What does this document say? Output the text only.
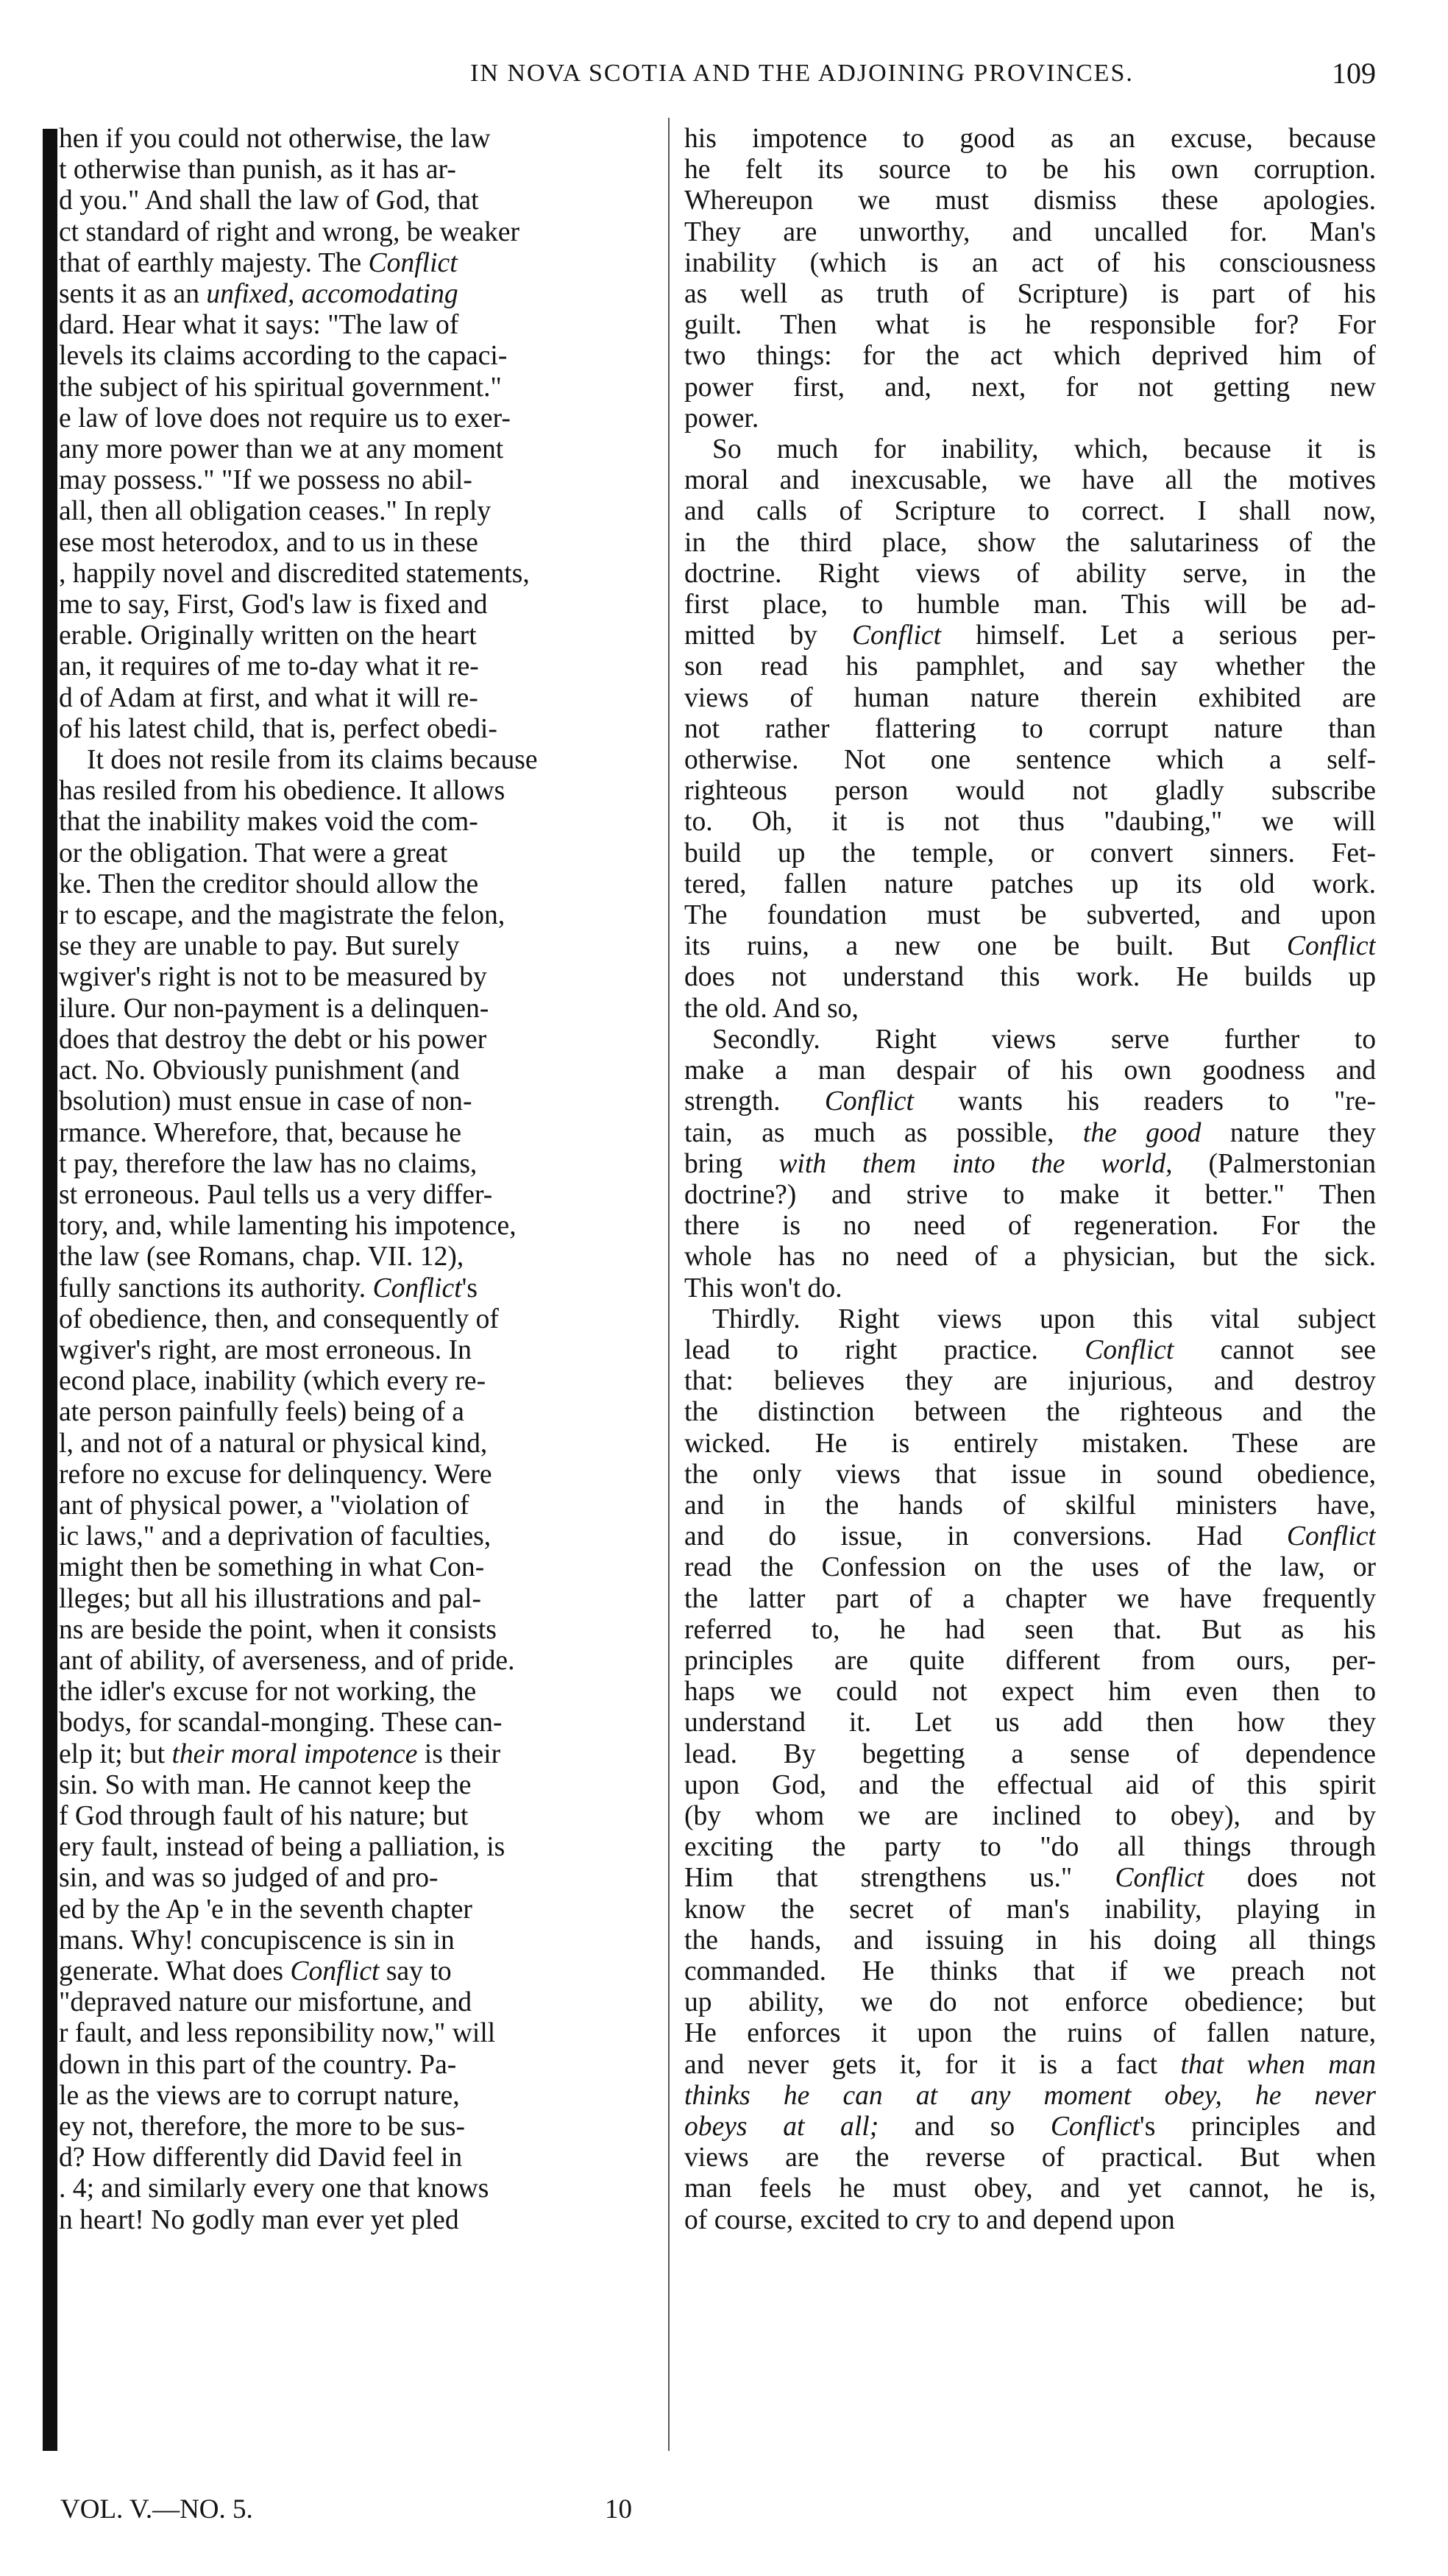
IN NOVA SCOTIA AND THE ADJOINING PROVINCES.	109
hen if you could not otherwise, the law
t otherwise than punish, as it has ar-
d you." And shall the law of God, that
ct standard of right and wrong, be weaker
that of earthly majesty. The Conflict
sents it as an unfixed, accomodating
dard. Hear what it says: "The law of
levels its claims according to the capaci-
the subject of his spiritual government."
e law of love does not require us to exer-
any more power than we at any moment
may possess." "If we possess no abil-
all, then all obligation ceases." In reply
ese most heterodox, and to us in these
, happily novel and discredited statements,
me to say, First, God's law is fixed and
erable. Originally written on the heart
an, it requires of me to-day what it re-
d of Adam at first, and what it will re-
of his latest child, that is, perfect obedi-
It does not resile from its claims because
has resiled from his obedience. It allows
that the inability makes void the com-
or the obligation. That were a great
ke. Then the creditor should allow the
r to escape, and the magistrate the felon,
se they are unable to pay. But surely
wgiver's right is not to be measured by
ilure. Our non-payment is a delinquen-
does that destroy the debt or his power
act. No. Obviously punishment (and
bsolution) must ensue in case of non-
rmance. Wherefore, that, because he
t pay, therefore the law has no claims,
st erroneous. Paul tells us a very differ-
tory, and, while lamenting his impotence,
the law (see Romans, chap. VII. 12),
fully sanctions its authority. Conflict's
of obedience, then, and consequently of
wgiver's right, are most erroneous. In
econd place, inability (which every re-
ate person painfully feels) being of a
l, and not of a natural or physical kind,
refore no excuse for delinquency. Were
ant of physical power, a "violation of
ic laws," and a deprivation of faculties,
might then be something in what Con-
lleges; but all his illustrations and pal-
ns are beside the point, when it consists
ant of ability, of averseness, and of pride.
the idler's excuse for not working, the
bodys, for scandal-monging. These can-
elp it; but their moral impotence is their
sin. So with man. He cannot keep the
f God through fault of his nature; but
ery fault, instead of being a palliation, is
sin, and was so judged of and pro-
ed by the Ap 'e in the seventh chapter
mans. Why! concupiscence is sin in
generate. What does Conflict say to
"depraved nature our misfortune, and
r fault, and less reponsibility now," will
down in this part of the country. Pa-
le as the views are to corrupt nature,
ey not, therefore, the more to be sus-
d? How differently did David feel in
. 4; and similarly every one that knows
n heart! No godly man ever yet pled
his impotence to good as an excuse, because
he felt its source to be his own corruption.
Whereupon we must dismiss these apologies.
They are unworthy, and uncalled for. Man's
inability (which is an act of his consciousness
as well as truth of Scripture) is part of his
guilt. Then what is he responsible for? For
two things: for the act which deprived him of
power first, and, next, for not getting new
power.
So much for inability, which, because it is
moral and inexcusable, we have all the motives
and calls of Scripture to correct. I shall now,
in the third place, show the salutariness of the
doctrine. Right views of ability serve, in the
first place, to humble man. This will be ad-
mitted by Conflict himself. Let a serious per-
son read his pamphlet, and say whether the
views of human nature therein exhibited are
not rather flattering to corrupt nature than
otherwise. Not one sentence which a self-
righteous person would not gladly subscribe
to. Oh, it is not thus "daubing," we will
build up the temple, or convert sinners. Fet-
tered, fallen nature patches up its old work.
The foundation must be subverted, and upon
its ruins, a new one be built. But Conflict
does not understand this work. He builds up
the old. And so,
Secondly. Right views serve further to
make a man despair of his own goodness and
strength. Conflict wants his readers to "re-
tain, as much as possible, the good nature they
bring with them into the world, (Palmerstonian
doctrine?) and strive to make it better." Then
there is no need of regeneration. For the
whole has no need of a physician, but the sick.
This won't do.
Thirdly. Right views upon this vital subject
lead to right practice. Conflict cannot see
that: believes they are injurious, and destroy
the distinction between the righteous and the
wicked. He is entirely mistaken. These are
the only views that issue in sound obedience,
and in the hands of skilful ministers have,
and do issue, in conversions. Had Conflict
read the Confession on the uses of the law, or
the latter part of a chapter we have frequently
referred to, he had seen that. But as his
principles are quite different from ours, per-
haps we could not expect him even then to
understand it. Let us add then how they
lead. By begetting a sense of dependence
upon God, and the effectual aid of this spirit
(by whom we are inclined to obey), and by
exciting the party to "do all things through
Him that strengthens us." Conflict does not
know the secret of man's inability, playing in
the hands, and issuing in his doing all things
commanded. He thinks that if we preach not
up ability, we do not enforce obedience; but
He enforces it upon the ruins of fallen nature,
and never gets it, for it is a fact that when man
thinks he can at any moment obey, he never
obeys at all; and so Conflict's principles and
views are the reverse of practical. But when
man feels he must obey, and yet cannot, he is,
of course, excited to cry to and depend upon
VOL. V.—NO. 5.	10
